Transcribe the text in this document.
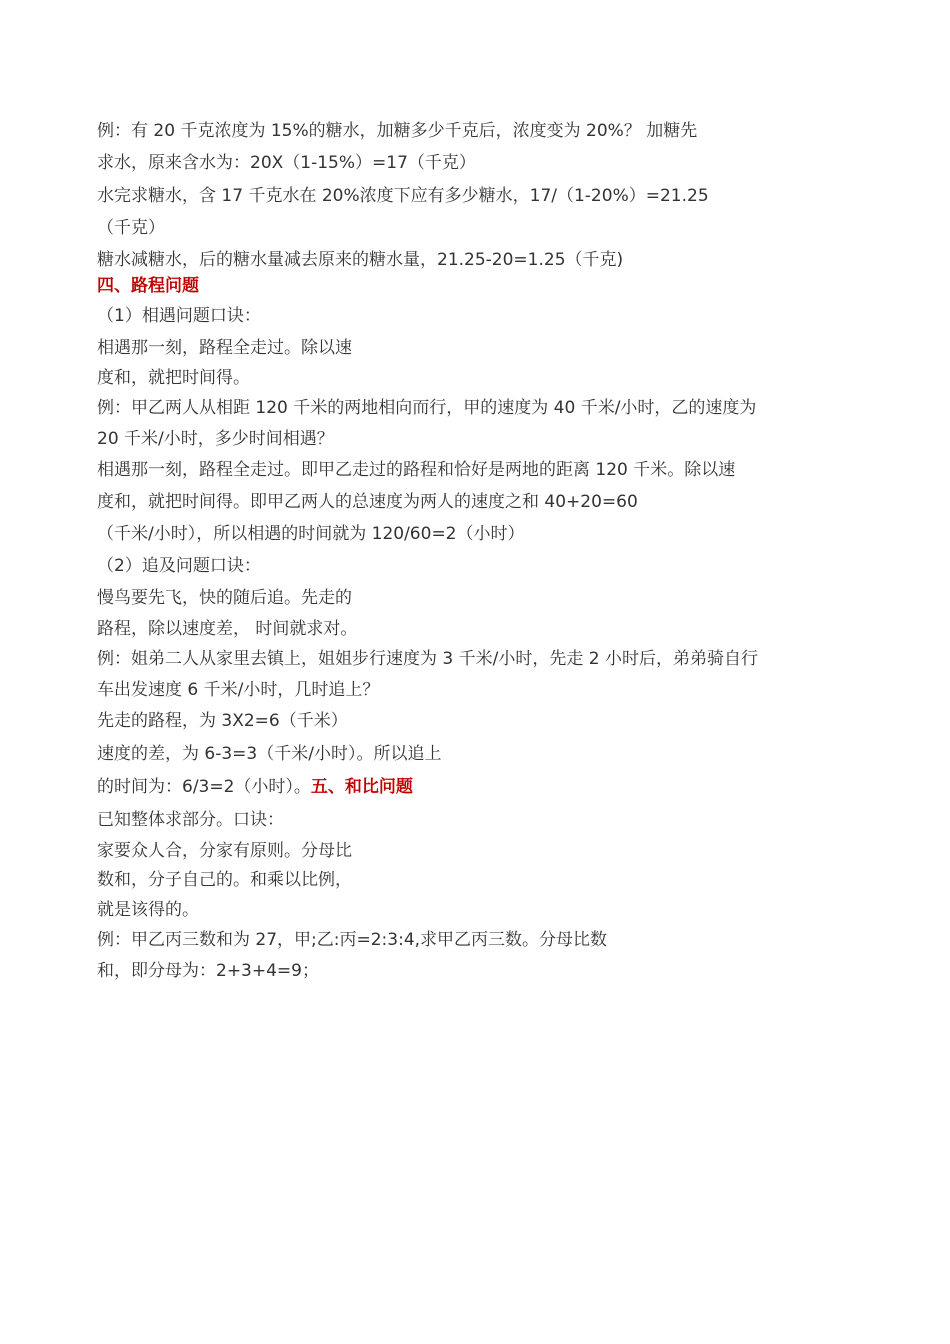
例：有 20 千克浓度为 15%的糖水，加糖多少千克后，浓度变为 20%？ 加糖先
求水，原来含水为：20X（1-15%）=17（千克）
水完求糖水，含 17 千克水在 20%浓度下应有多少糖水，17/（1-20%）=21.25
（千克）
糖水减糖水，后的糖水量减去原来的糖水量，21.25-20=1.25（千克)
四、路程问题
（1）相遇问题口诀：
相遇那一刻，路程全走过。除以速
度和，就把时间得。
例：甲乙两人从相距 120 千米的两地相向而行，甲的速度为 40 千米/小时，乙的速度为
20 千米/小时，多少时间相遇？
相遇那一刻，路程全走过。即甲乙走过的路程和恰好是两地的距离 120 千米。除以速
度和，就把时间得。即甲乙两人的总速度为两人的速度之和 40+20=60
（千米/小时），所以相遇的时间就为 120/60=2（小时）
（2）追及问题口诀：
慢鸟要先飞，快的随后追。先走的
路程，除以速度差， 时间就求对。
例：姐弟二人从家里去镇上，姐姐步行速度为 3 千米/小时，先走 2 小时后，弟弟骑自行
车出发速度 6 千米/小时，几时追上？
先走的路程，为 3X2=6（千米）
速度的差，为 6-3=3（千米/小时）。所以追上
的时间为：6/3=2（小时）。五、和比问题
已知整体求部分。口诀：
家要众人合，分家有原则。分母比
数和，分子自己的。和乘以比例，
就是该得的。
例：甲乙丙三数和为 27，甲;乙:丙=2:3:4,求甲乙丙三数。分母比数
和，即分母为：2+3+4=9；
